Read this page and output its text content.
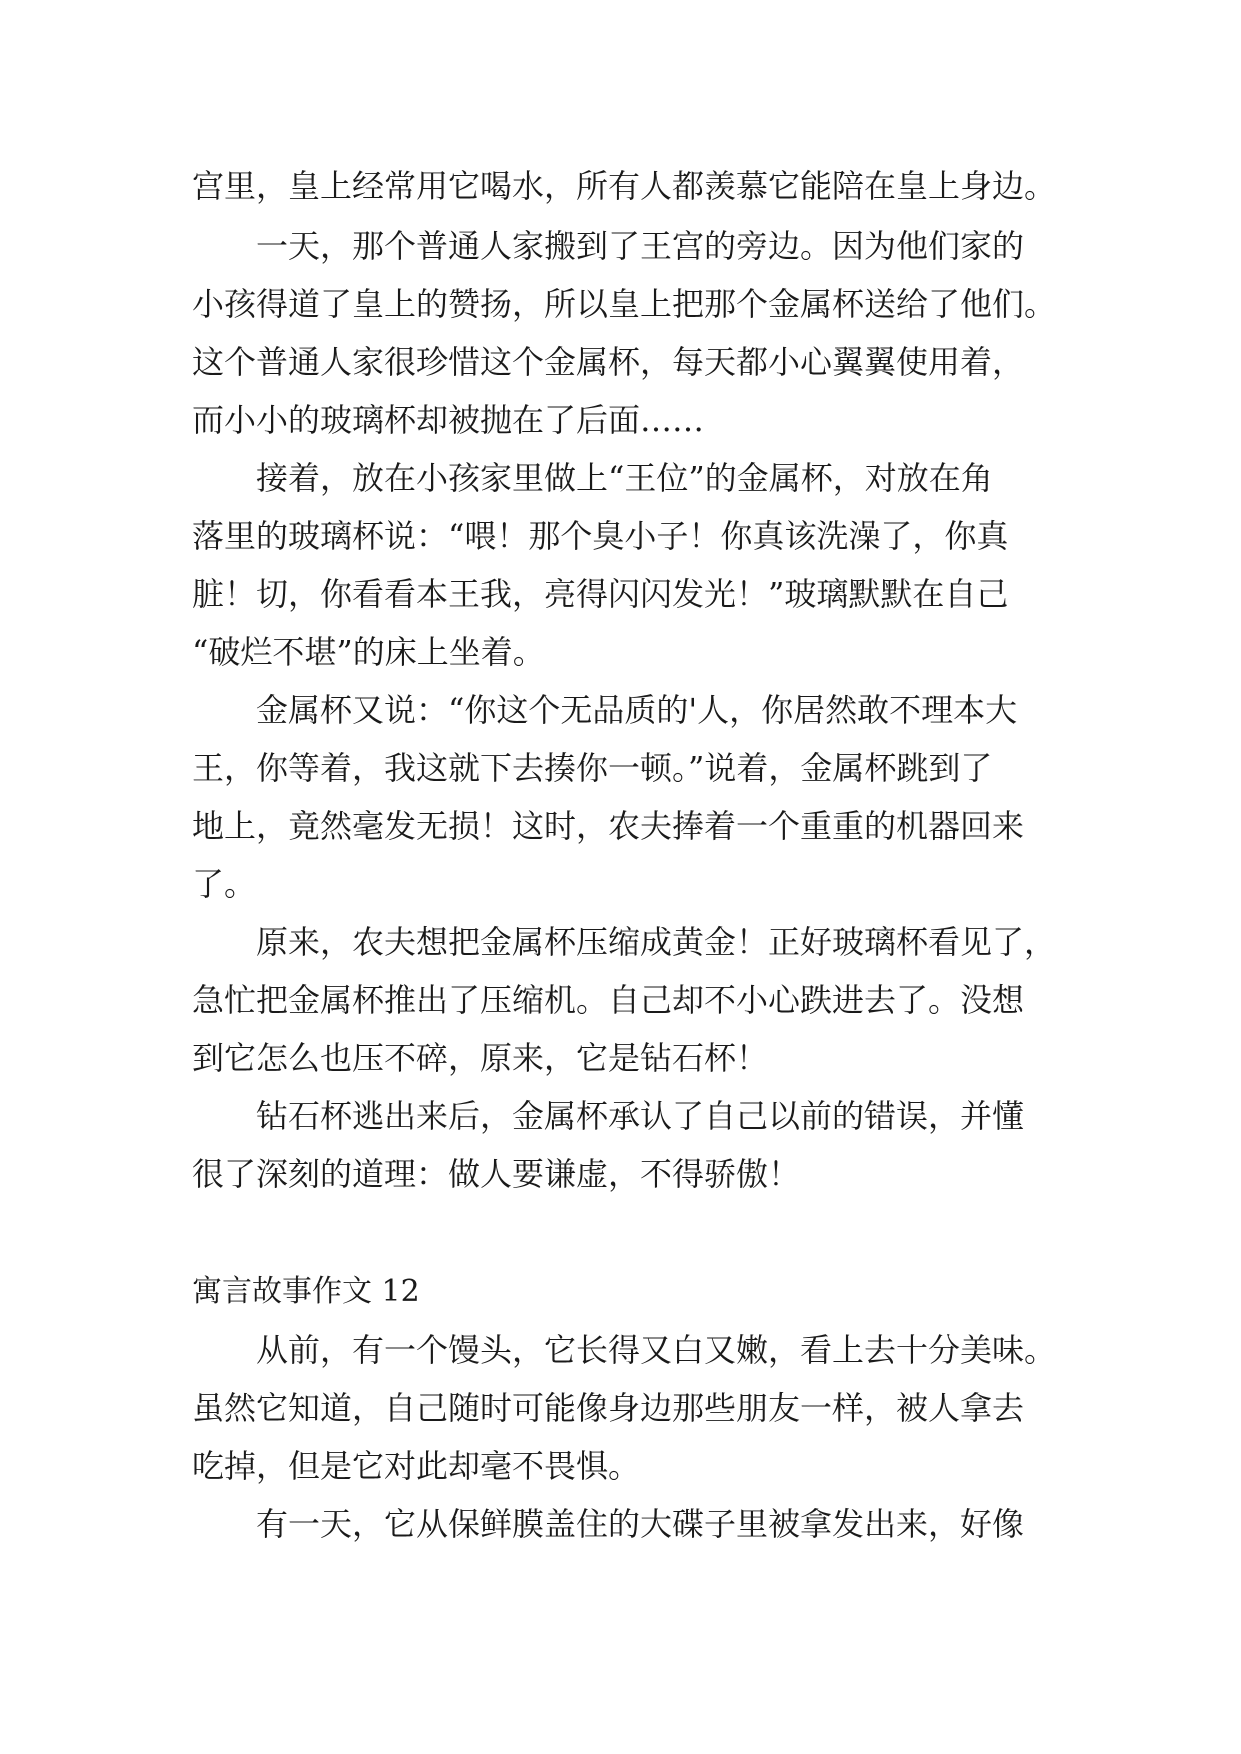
宫里，皇上经常用它喝水，所有人都羡慕它能陪在皇上身边。

一天，那个普通人家搬到了王宫的旁边。因为他们家的

小孩得道了皇上的赞扬，所以皇上把那个金属杯送给了他们。

这个普通人家很珍惜这个金属杯，每天都小心翼翼使用着，

而小小的玻璃杯却被抛在了后面……

接着，放在小孩家里做上“王位”的金属杯，对放在角

落里的玻璃杯说：“喂！那个臭小子！你真该洗澡了，你真

脏！切，你看看本王我，亮得闪闪发光！”玻璃默默在自己

“破烂不堪”的床上坐着。

金属杯又说：“你这个无品质的'人，你居然敢不理本大

王，你等着，我这就下去揍你一顿。”说着，金属杯跳到了

地上，竟然毫发无损！这时，农夫捧着一个重重的机器回来

了。

原来，农夫想把金属杯压缩成黄金！正好玻璃杯看见了，

急忙把金属杯推出了压缩机。自己却不小心跌进去了。没想

到它怎么也压不碎，原来，它是钻石杯！

钻石杯逃出来后，金属杯承认了自己以前的错误，并懂

很了深刻的道理：做人要谦虚，不得骄傲！

寓言故事作文 12

从前，有一个馒头，它长得又白又嫩，看上去十分美味。

虽然它知道，自己随时可能像身边那些朋友一样，被人拿去

吃掉，但是它对此却毫不畏惧。

有一天，它从保鲜膜盖住的大碟子里被拿发出来，好像
